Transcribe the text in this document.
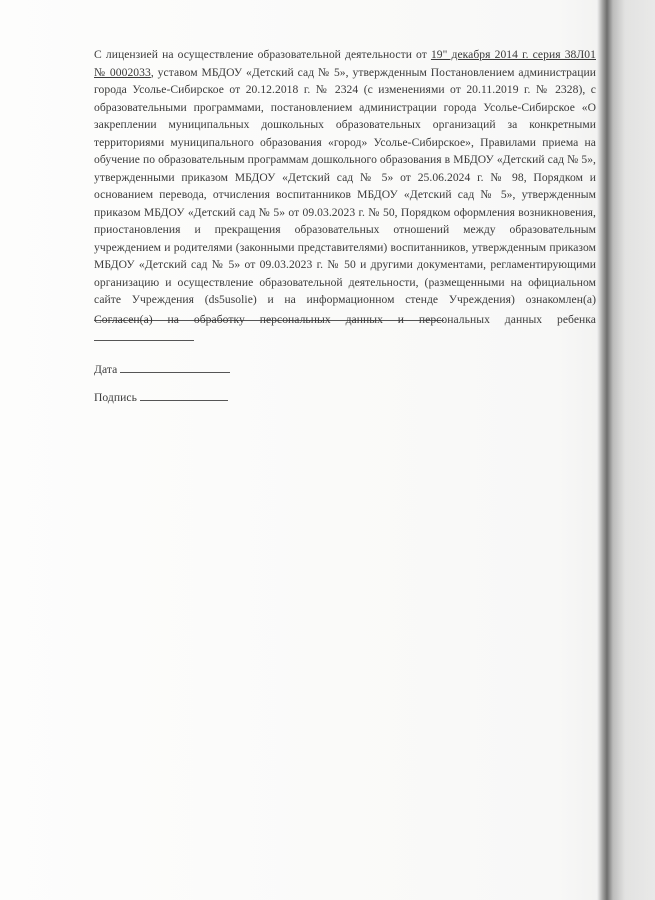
С лицензией на осуществление образовательной деятельности от 19" декабря 2014 г. серия 38Л01 № 0002033, уставом МБДОУ «Детский сад № 5», утвержденным Постановлением администрации города Усолье-Сибирское от 20.12.2018 г. № 2324 (с изменениями от 20.11.2019 г. № 2328), с образовательными программами, постановлением администрации города Усолье-Сибирское «О закреплении муниципальных дошкольных образовательных организаций за конкретными территориями муниципального образования «город» Усолье-Сибирское», Правилами приема на обучение по образовательным программам дошкольного образования в МБДОУ «Детский сад № 5», утвержденными приказом МБДОУ «Детский сад № 5» от 25.06.2024 г. № 98, Порядком и основанием перевода, отчисления воспитанников МБДОУ «Детский сад № 5», утвержденным приказом МБДОУ «Детский сад № 5» от 09.03.2023 г. № 50, Порядком оформления возникновения, приостановления и прекращения образовательных отношений между образовательным учреждением и родителями (законными представителями) воспитанников, утвержденным приказом МБДОУ «Детский сад № 5» от 09.03.2023 г. № 50 и другими документами, регламентирующими организацию и осуществление образовательной деятельности, (размещенными на официальном сайте Учреждения (ds5usolie) и на информационном стенде Учреждения) ознакомлен(а)

Согласен(а) на обработку персональных данных и персональных данных ребенка

Дата
Подпись
